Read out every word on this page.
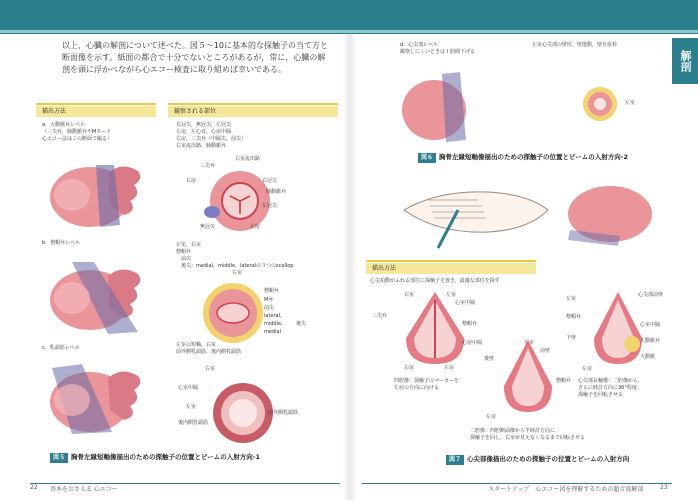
以上，心臓の解剖について述べた。図５～10に基本的な探触子の当て方と断面像を示す。紙面の都合で十分でないところがあるが，常に，心臓の解剖を頭に浮かべながら心エコー検査に取り組めば幸いである。

描出方法	観察される部位
a．大動脈弁レベル
（三尖弁，肺動脈弁やMモード
心エコー法はこの断面で撮る）
b．僧帽弁レベル
c．乳頭筋レベル
右冠尖，無冠尖，左冠尖
左房，左心耳，心房中隔
右房，三尖弁（中隔尖，前尖）
右室流出路，肺動脈弁
右室流出路
三尖弁
右房	右冠尖
肺動脈弁
左冠尖
無冠尖	左房
左室，右室
僧帽弁
　前尖
　後尖：medial，middle，lateralの３つのscallop
右室
僧帽弁
M弁
前尖
lateral,
middle,
medial
後尖
左室の短軸，右室
前外側乳頭筋，後内側乳頭筋
右室
心室中隔
左室
後内側乳頭筋
前外側乳頭筋
図５ 胸骨左縁短軸像描出のための探触子の位置とビームの入射方向-1
22 基本をおさえる 心エコー
解剖
d．心尖部レベル
観察しにくいときは１肋間下げる
左室心尖部の壁厚，壁運動，壁在血栓
左室
図６ 胸骨左縁短軸像描出のための探触子の位置とビームの入射方向-2
描出方法
心尖拍動がふれる部位に探触子を置き，最適な部位を探す
右室
心室中隔
僧帽弁
三尖弁
心房中隔
右房	左房
左室
四腔像：探触子のマーカーを
左肩の方向に向ける
前壁
左室
僧帽弁
後壁
左房
二腔像：四腔断面像から半時計方向に
探触子を回し，右室が見えなくなるまで回転させる
左室
心尖部前壁
僧帽弁
心室中隔
下壁	大動脈弁
左房
大動脈
心尖部長軸像：二腔像から，
さらに時計方向に30°程度
探触子を回転させる
図７ 心尖部像描出のための探触子の位置とビームの入射方向
スタートアップ　心エコー図を理解するための超音波解剖	23
